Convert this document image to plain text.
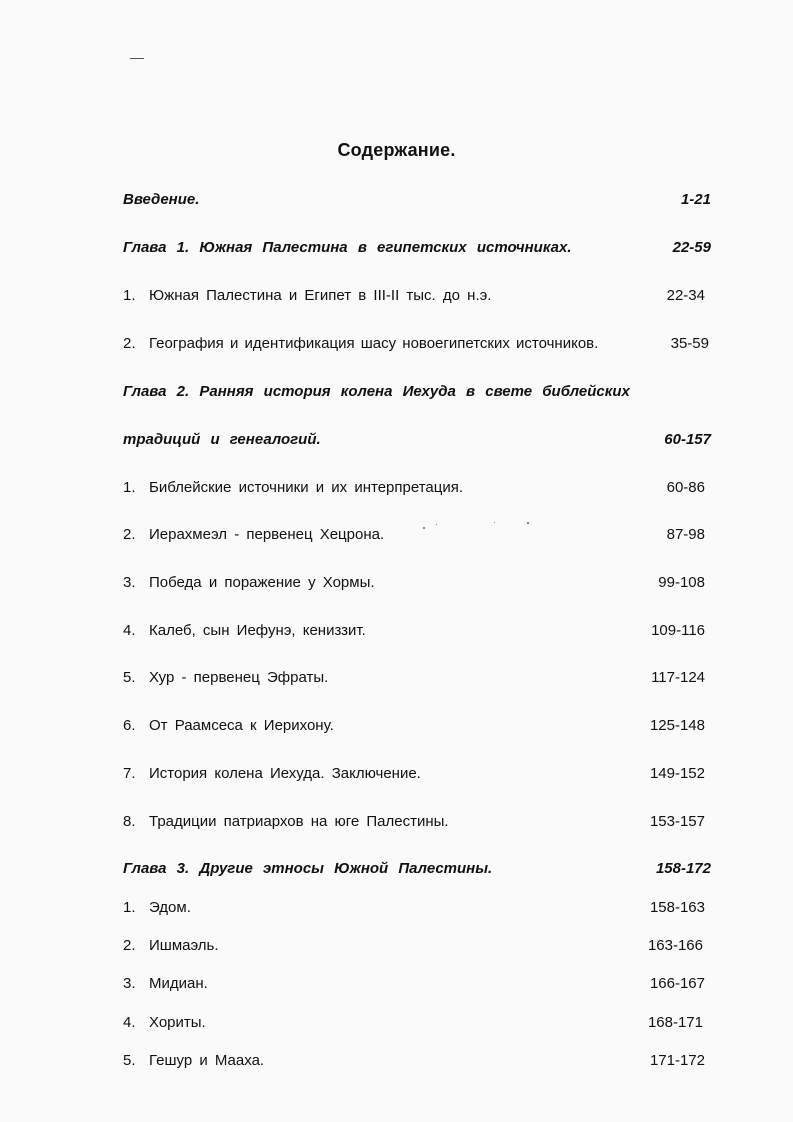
Содержание.
Введение.	1-21
Глава 1. Южная Палестина в египетских источниках.	22-59
1. Южная Палестина и Египет в III-II тыс. до н.э.	22-34
2. География и идентификация шасу новоегипетских источников.	35-59
Глава 2. Ранняя история колена Иехуда в свете библейских
традиций и генеалогий.	60-157
1. Библейские источники и их интерпретация.	60-86
2. Иерахмеэл - первенец Хецрона.	87-98
3. Победа и поражение у Хормы.	99-108
4. Калеб, сын Иефунэ, кениззит.	109-116
5. Хур - первенец Эфраты.	117-124
6. От Раамсеса к Иерихону.	125-148
7. История колена Иехуда. Заключение.	149-152
8. Традиции патриархов на юге Палестины.	153-157
Глава 3. Другие этносы Южной Палестины.	158-172
1. Эдом.	158-163
2. Ишмаэль.	163-166
3. Мидиан.	166-167
4. Хориты.	168-171
5. Гешур и Мааха.	171-172
